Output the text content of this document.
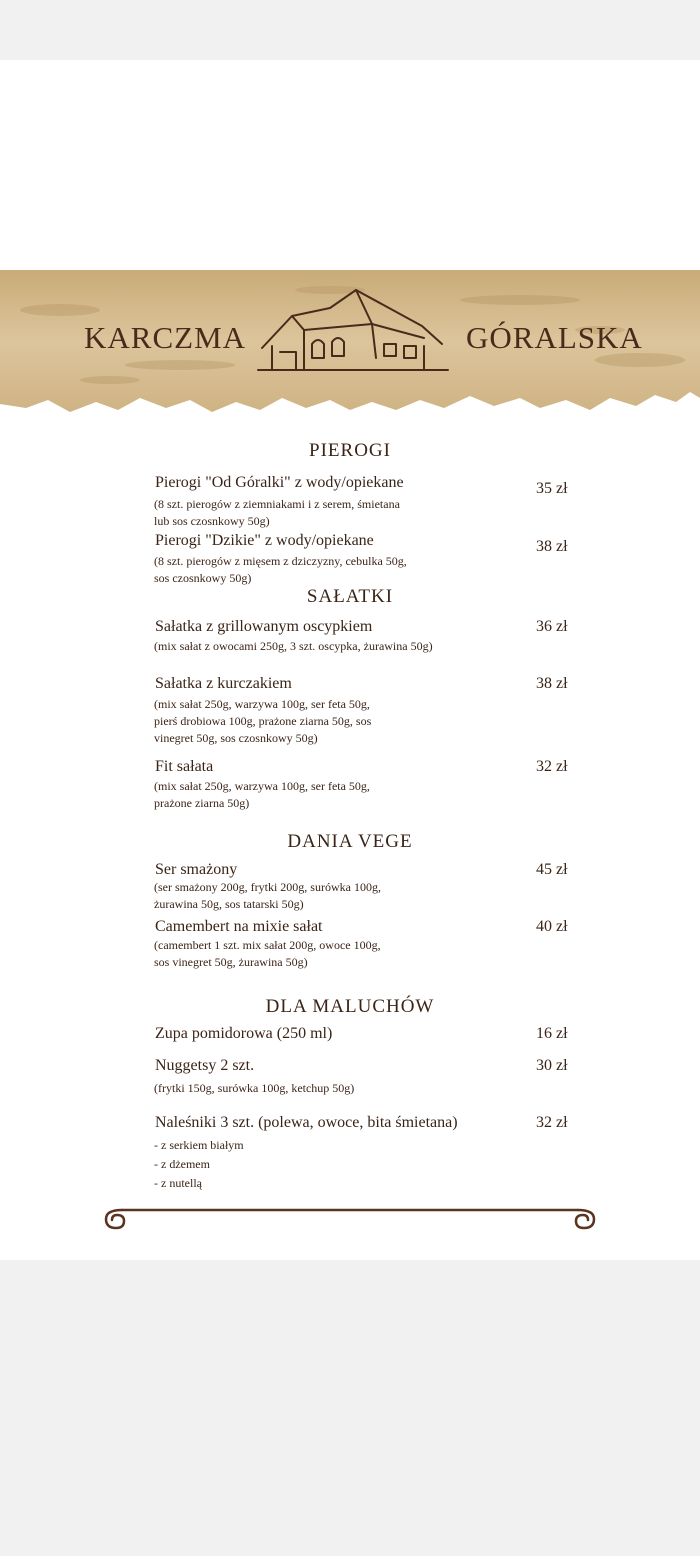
KARCZMA	GÓRALSKA
PIEROGI
Pierogi "Od Góralki" z wody/opiekane	35 zł
(8 szt. pierogów z ziemniakami i z serem, śmietana
lub sos czosnkowy 50g)
Pierogi "Dzikie" z wody/opiekane	38 zł
(8 szt. pierogów z mięsem z dziczyzny, cebulka 50g,
sos czosnkowy 50g)
SAŁATKI
Sałatka z grillowanym oscypkiem	36 zł
(mix sałat z owocami 250g, 3 szt. oscypka, żurawina 50g)
Sałatka z kurczakiem	38 zł
(mix sałat 250g, warzywa 100g, ser feta 50g,
pierś drobiowa 100g, prażone ziarna 50g, sos
vinegret 50g, sos czosnkowy 50g)
Fit sałata	32 zł
(mix sałat 250g, warzywa 100g, ser feta 50g,
prażone ziarna 50g)
DANIA VEGE
Ser smażony	45 zł
(ser smażony 200g, frytki 200g, surówka 100g,
żurawina 50g, sos tatarski 50g)
Camembert na mixie sałat	40 zł
(camembert 1 szt. mix sałat 200g, owoce 100g,
sos vinegret 50g, żurawina 50g)
DLA MALUCHÓW
Zupa pomidorowa (250 ml)	16 zł
Nuggetsy 2 szt.	30 zł
(frytki 150g, surówka 100g, ketchup 50g)
Naleśniki 3 szt. (polewa, owoce, bita śmietana)	32 zł
- z serkiem białym
- z dżemem
- z nutellą
